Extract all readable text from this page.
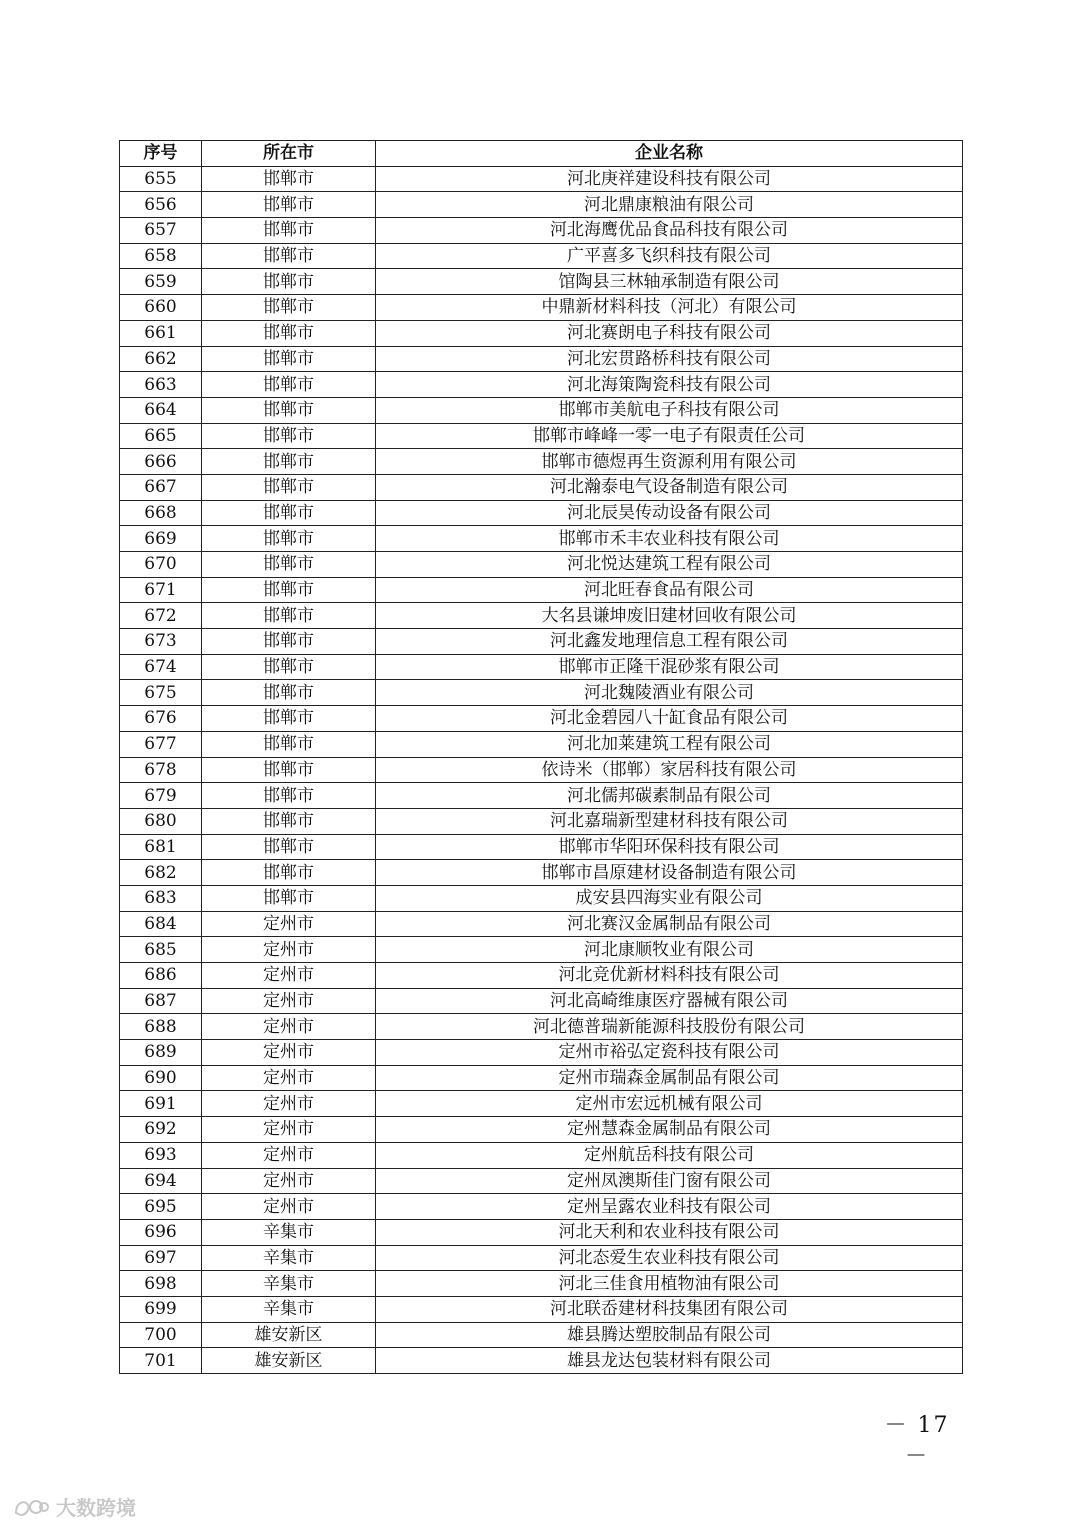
序号	所在市	企业名称
655	邯郸市	河北庚祥建设科技有限公司
656	邯郸市	河北鼎康粮油有限公司
657	邯郸市	河北海鹰优品食品科技有限公司
658	邯郸市	广平喜多飞织科技有限公司
659	邯郸市	馆陶县三林轴承制造有限公司
660	邯郸市	中鼎新材料科技（河北）有限公司
661	邯郸市	河北赛朗电子科技有限公司
662	邯郸市	河北宏贯路桥科技有限公司
663	邯郸市	河北海策陶瓷科技有限公司
664	邯郸市	邯郸市美航电子科技有限公司
665	邯郸市	邯郸市峰峰一零一电子有限责任公司
666	邯郸市	邯郸市德煜再生资源利用有限公司
667	邯郸市	河北瀚泰电气设备制造有限公司
668	邯郸市	河北辰昊传动设备有限公司
669	邯郸市	邯郸市禾丰农业科技有限公司
670	邯郸市	河北悦达建筑工程有限公司
671	邯郸市	河北旺春食品有限公司
672	邯郸市	大名县谦坤废旧建材回收有限公司
673	邯郸市	河北鑫发地理信息工程有限公司
674	邯郸市	邯郸市正隆干混砂浆有限公司
675	邯郸市	河北魏陵酒业有限公司
676	邯郸市	河北金碧园八十缸食品有限公司
677	邯郸市	河北加莱建筑工程有限公司
678	邯郸市	依诗米（邯郸）家居科技有限公司
679	邯郸市	河北儒邦碳素制品有限公司
680	邯郸市	河北嘉瑞新型建材科技有限公司
681	邯郸市	邯郸市华阳环保科技有限公司
682	邯郸市	邯郸市昌原建材设备制造有限公司
683	邯郸市	成安县四海实业有限公司
684	定州市	河北赛汉金属制品有限公司
685	定州市	河北康顺牧业有限公司
686	定州市	河北竞优新材料科技有限公司
687	定州市	河北高崎维康医疗器械有限公司
688	定州市	河北德普瑞新能源科技股份有限公司
689	定州市	定州市裕弘定瓷科技有限公司
690	定州市	定州市瑞森金属制品有限公司
691	定州市	定州市宏远机械有限公司
692	定州市	定州慧森金属制品有限公司
693	定州市	定州航岳科技有限公司
694	定州市	定州凤澳斯佳门窗有限公司
695	定州市	定州呈露农业科技有限公司
696	辛集市	河北天利和农业科技有限公司
697	辛集市	河北态爱生农业科技有限公司
698	辛集市	河北三佳食用植物油有限公司
699	辛集市	河北联岙建材科技集团有限公司
700	雄安新区	雄县腾达塑胶制品有限公司
701	雄安新区	雄县龙达包装材料有限公司
－ 17 －
大数跨境
